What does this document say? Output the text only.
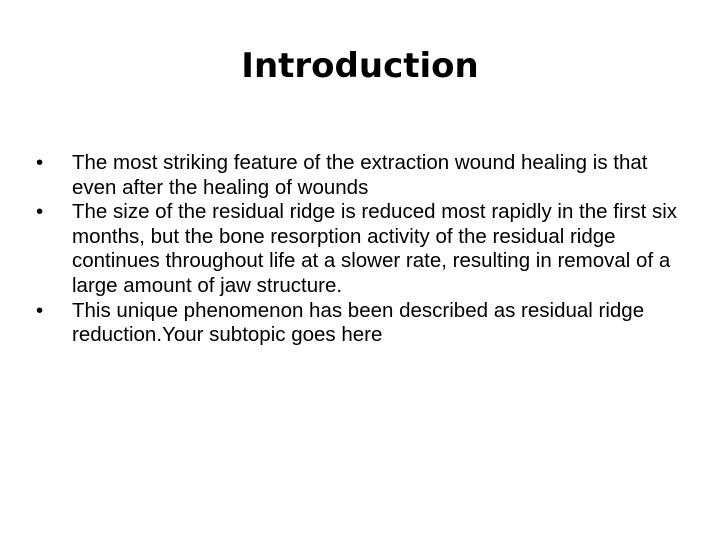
Introduction
•	The most striking feature of the extraction wound healing is that even after the healing of wounds
•	The size of the residual ridge is reduced most rapidly in the first six months, but the bone resorption activity of the residual ridge continues throughout life at a slower rate, resulting in removal of a large amount of jaw structure.
•	This unique phenomenon has been described as residual ridge reduction.Your subtopic goes here
